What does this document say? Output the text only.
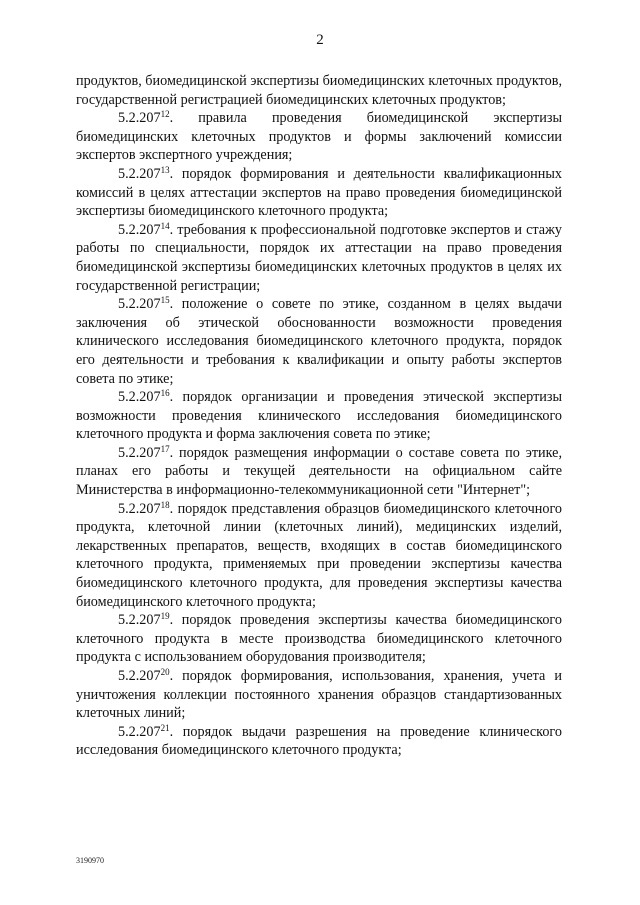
2

продуктов, биомедицинской экспертизы биомедицинских клеточных продуктов, государственной регистрацией биомедицинских клеточных продуктов;

5.2.207$^{12}$. правила проведения биомедицинской экспертизы биомедицинских клеточных продуктов и формы заключений комиссии экспертов экспертного учреждения;

5.2.207$^{13}$. порядок формирования и деятельности квалификационных комиссий в целях аттестации экспертов на право проведения биомедицинской экспертизы биомедицинского клеточного продукта;

5.2.207$^{14}$. требования к профессиональной подготовке экспертов и стажу работы по специальности, порядок их аттестации на право проведения биомедицинской экспертизы биомедицинских клеточных продуктов в целях их государственной регистрации;

5.2.207$^{15}$. положение о совете по этике, созданном в целях выдачи заключения об этической обоснованности возможности проведения клинического исследования биомедицинского клеточного продукта, порядок его деятельности и требования к квалификации и опыту работы экспертов совета по этике;

5.2.207$^{16}$. порядок организации и проведения этической экспертизы возможности проведения клинического исследования биомедицинского клеточного продукта и форма заключения совета по этике;

5.2.207$^{17}$. порядок размещения информации о составе совета по этике, планах его работы и текущей деятельности на официальном сайте Министерства в информационно-телекоммуникационной сети "Интернет";

5.2.207$^{18}$. порядок представления образцов биомедицинского клеточного продукта, клеточной линии (клеточных линий), медицинских изделий, лекарственных препаратов, веществ, входящих в состав биомедицинского клеточного продукта, применяемых при проведении экспертизы качества биомедицинского клеточного продукта, для проведения экспертизы качества биомедицинского клеточного продукта;

5.2.207$^{19}$. порядок проведения экспертизы качества биомедицинского клеточного продукта в месте производства биомедицинского клеточного продукта с использованием оборудования производителя;

5.2.207$^{20}$. порядок формирования, использования, хранения, учета и уничтожения коллекции постоянного хранения образцов стандартизованных клеточных линий;

5.2.207$^{21}$. порядок выдачи разрешения на проведение клинического исследования биомедицинского клеточного продукта;

3190970
